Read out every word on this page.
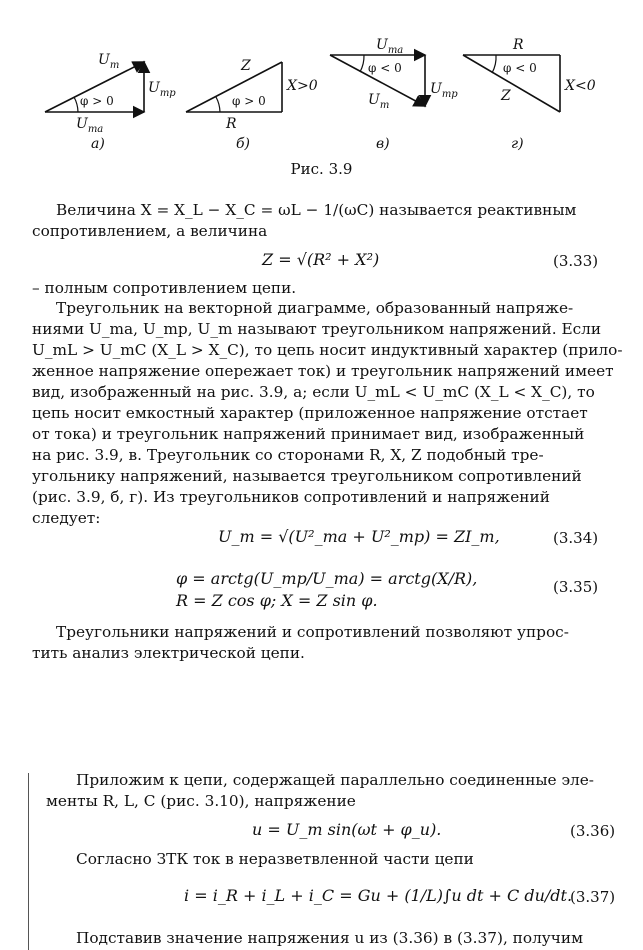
$U_m$
$U_{mp}$
$U_{ma}$
φ > 0
а)
Z
X>0
R
φ > 0
б)
$U_{ma}$
$U_{mp}$
$U_m$
φ < 0
в)
R
X<0
Z
φ < 0
г)
Рис. 3.9
Величина X = X_L − X_C = ωL − 1/(ωC) называется реактивным
сопротивлением, а величина
Z = √(R² + X²)	(3.33)
– полным сопротивлением цепи.
Треугольник на векторной диаграмме, образованный напряже-
ниями U_ma, U_mp, U_m называют треугольником напряжений. Если
U_mL > U_mC (X_L > X_C), то цепь носит индуктивный характер (прило-
женное напряжение опережает ток) и треугольник напряжений имеет
вид, изображенный на рис. 3.9, а; если U_mL < U_mC (X_L < X_C), то
цепь носит емкостный характер (приложенное напряжение отстает
от тока) и треугольник напряжений принимает вид, изображенный
на рис. 3.9, в. Треугольник со сторонами R, X, Z подобный тре-
угольнику напряжений, называется треугольником сопротивлений
(рис. 3.9, б, г). Из треугольников сопротивлений и напряжений
следует:
U_m = √(U²_ma + U²_mp) = ZI_m,	(3.34)
φ = arctg(U_mp/U_ma) = arctg(X/R),
R = Z cos φ; X = Z sin φ.
(3.35)
Треугольники напряжений и сопротивлений позволяют упрос-
тить анализ электрической цепи.
Приложим к цепи, содержащей параллельно соединенные эле-
менты R, L, C (рис. 3.10), напряжение
u = U_m sin(ωt + φ_u).	(3.36)
Согласно ЗТК ток в неразветвленной части цепи
i = i_R + i_L + i_C = Gu + (1/L)∫u dt + C du/dt.
(3.37)
Подставив значение напряжения u из (3.36) в (3.37), получим
